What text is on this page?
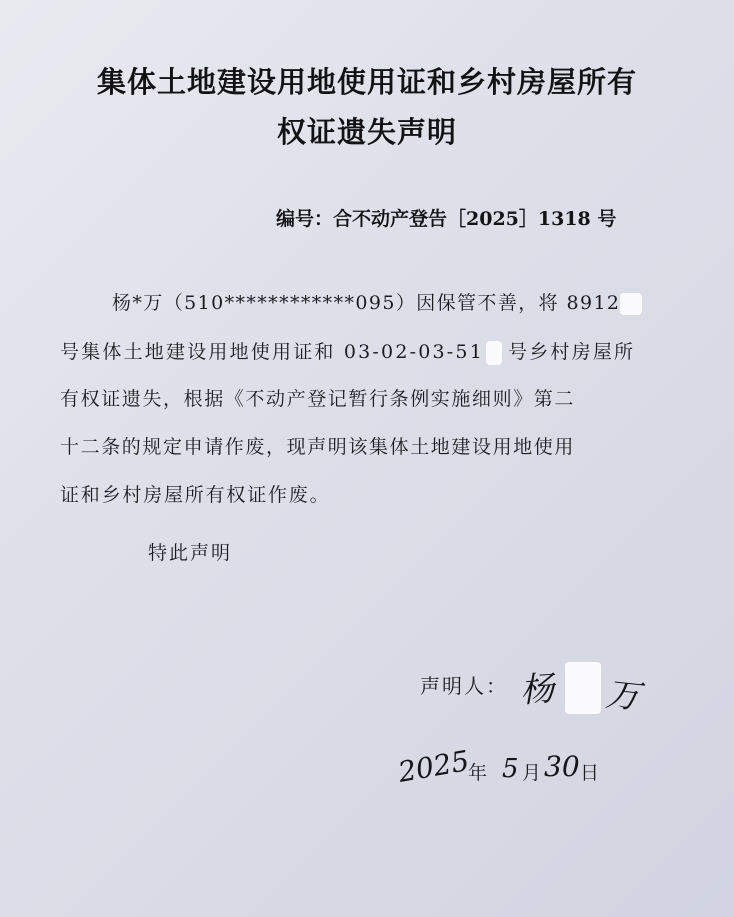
集体土地建设用地使用证和乡村房屋所有
权证遗失声明
编号：合不动产登告［2025］1318 号
杨*万（510************095）因保管不善，将 8912
号集体土地建设用地使用证和 03-02-03-51 号乡村房屋所
有权证遗失，根据《不动产登记暂行条例实施细则》第二
十二条的规定申请作废，现声明该集体土地建设用地使用
证和乡村房屋所有权证作废。
特此声明
声明人： 杨 万
2025
年 5 月 30 日
